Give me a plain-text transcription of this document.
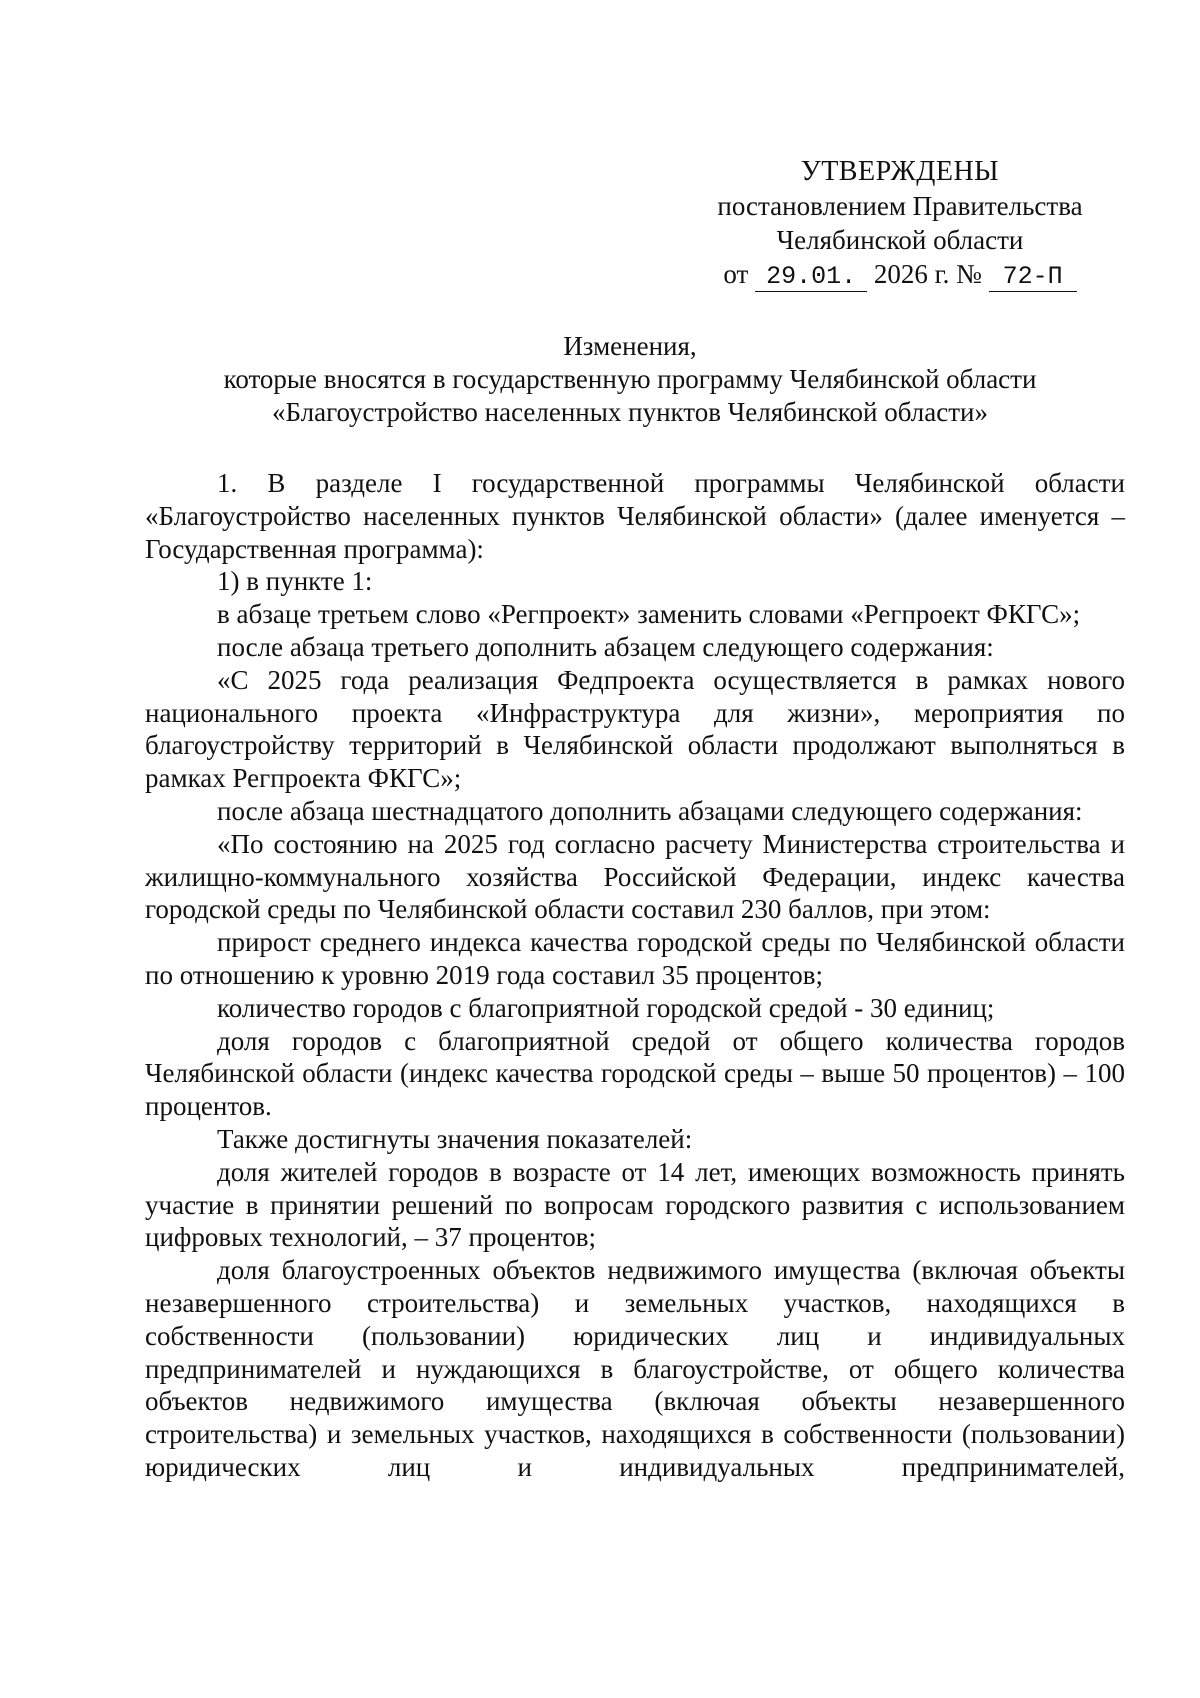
УТВЕРЖДЕНЫ
постановлением Правительства
Челябинской области
от 29.01. 2026 г. № 72-П
Изменения,
которые вносятся в государственную программу Челябинской области
«Благоустройство населенных пунктов Челябинской области»

1. В разделе I государственной программы Челябинской области «Благоустройство населенных пунктов Челябинской области» (далее именуется – Государственная программа):

1) в пункте 1:

в абзаце третьем слово «Регпроект» заменить словами «Регпроект ФКГС»;

после абзаца третьего дополнить абзацем следующего содержания:

«С 2025 года реализация Федпроекта осуществляется в рамках нового национального проекта «Инфраструктура для жизни», мероприятия по благоустройству территорий в Челябинской области продолжают выполняться в рамках Регпроекта ФКГС»;

после абзаца шестнадцатого дополнить абзацами следующего содержания:

«По состоянию на 2025 год согласно расчету Министерства строительства и жилищно-коммунального хозяйства Российской Федерации, индекс качества городской среды по Челябинской области составил 230 баллов, при этом:

прирост среднего индекса качества городской среды по Челябинской области по отношению к уровню 2019 года составил 35 процентов;

количество городов с благоприятной городской средой - 30 единиц;

доля городов с благоприятной средой от общего количества городов Челябинской области (индекс качества городской среды – выше 50 процентов) – 100 процентов.

Также достигнуты значения показателей:

доля жителей городов в возрасте от 14 лет, имеющих возможность принять участие в принятии решений по вопросам городского развития с использованием цифровых технологий, – 37 процентов;

доля благоустроенных объектов недвижимого имущества (включая объекты незавершенного строительства) и земельных участков, находящихся в собственности (пользовании) юридических лиц и индивидуальных предпринимателей и нуждающихся в благоустройстве, от общего количества объектов недвижимого имущества (включая объекты незавершенного строительства) и земельных участков, находящихся в собственности (пользовании) юридических лиц и индивидуальных предпринимателей,
